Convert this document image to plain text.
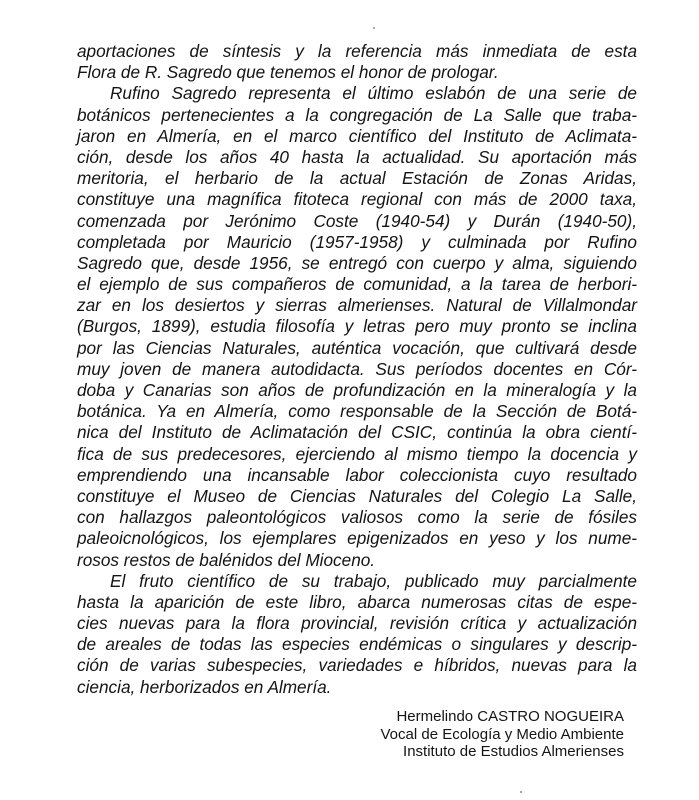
aportaciones de síntesis y la referencia más inmediata de esta
Flora de R. Sagredo que tenemos el honor de prologar.
Rufino Sagredo representa el último eslabón de una serie de
botánicos pertenecientes a la congregación de La Salle que traba-
jaron en Almería, en el marco científico del Instituto de Aclimata-
ción, desde los años 40 hasta la actualidad. Su aportación más
meritoria, el herbario de la actual Estación de Zonas Aridas,
constituye una magnífica fitoteca regional con más de 2000 taxa,
comenzada por Jerónimo Coste (1940-54) y Durán (1940-50),
completada por Mauricio (1957-1958) y culminada por Rufino
Sagredo que, desde 1956, se entregó con cuerpo y alma, siguiendo
el ejemplo de sus compañeros de comunidad, a la tarea de herbori-
zar en los desiertos y sierras almerienses. Natural de Villalmondar
(Burgos, 1899), estudia filosofía y letras pero muy pronto se inclina
por las Ciencias Naturales, auténtica vocación, que cultivará desde
muy joven de manera autodidacta. Sus períodos docentes en Cór-
doba y Canarias son años de profundización en la mineralogía y la
botánica. Ya en Almería, como responsable de la Sección de Botá-
nica del Instituto de Aclimatación del CSIC, continúa la obra cientí-
fica de sus predecesores, ejerciendo al mismo tiempo la docencia y
emprendiendo una incansable labor coleccionista cuyo resultado
constituye el Museo de Ciencias Naturales del Colegio La Salle,
con hallazgos paleontológicos valiosos como la serie de fósiles
paleoicnológicos, los ejemplares epigenizados en yeso y los nume-
rosos restos de balénidos del Mioceno.
El fruto científico de su trabajo, publicado muy parcialmente
hasta la aparición de este libro, abarca numerosas citas de espe-
cies nuevas para la flora provincial, revisión crítica y actualización
de areales de todas las especies endémicas o singulares y descrip-
ción de varias subespecies, variedades e híbridos, nuevas para la
ciencia, herborizados en Almería.
Hermelindo CASTRO NOGUEIRA
Vocal de Ecología y Medio Ambiente
Instituto de Estudios Almerienses
